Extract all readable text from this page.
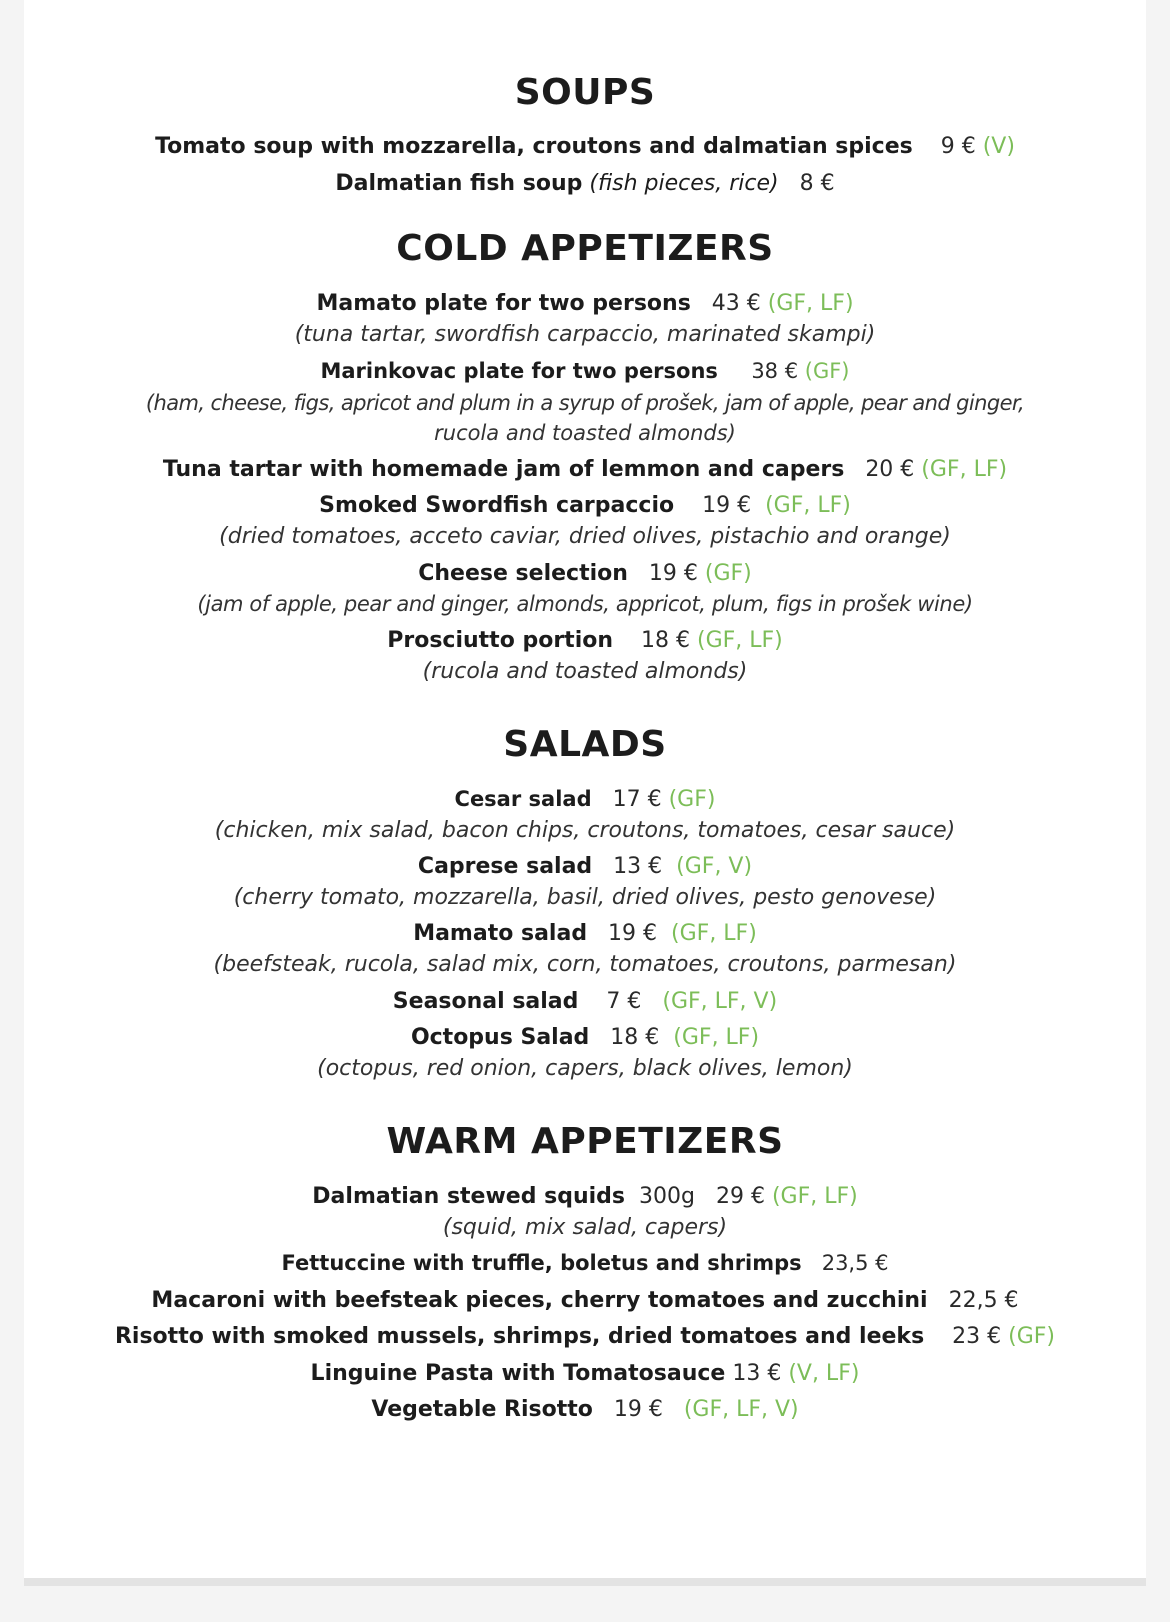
SOUPS
Tomato soup with mozzarella, croutons and dalmatian spices 9 € (V)
Dalmatian fish soup (fish pieces, rice) 8 €
COLD APPETIZERS
Mamato plate for two persons 43 € (GF, LF)
(tuna tartar, swordfish carpaccio, marinated skampi)
Marinkovac plate for two persons 38 € (GF)
(ham, cheese, figs, apricot and plum in a syrup of prošek, jam of apple, pear and ginger,
rucola and toasted almonds)
Tuna tartar with homemade jam of lemmon and capers 20 € (GF, LF)
Smoked Swordfish carpaccio 19 € (GF, LF)
(dried tomatoes, acceto caviar, dried olives, pistachio and orange)
Cheese selection 19 € (GF)
(jam of apple, pear and ginger, almonds, appricot, plum, figs in prošek wine)
Prosciutto portion 18 € (GF, LF)
(rucola and toasted almonds)
SALADS
Cesar salad 17 € (GF)
(chicken, mix salad, bacon chips, croutons, tomatoes, cesar sauce)
Caprese salad 13 € (GF, V)
(cherry tomato, mozzarella, basil, dried olives, pesto genovese)
Mamato salad 19 € (GF, LF)
(beefsteak, rucola, salad mix, corn, tomatoes, croutons, parmesan)
Seasonal salad 7 € (GF, LF, V)
Octopus Salad 18 € (GF, LF)
(octopus, red onion, capers, black olives, lemon)
WARM APPETIZERS
Dalmatian stewed squids 300g   29 € (GF, LF)
(squid, mix salad, capers)
Fettuccine with truffle, boletus and shrimps 23,5 €
Macaroni with beefsteak pieces, cherry tomatoes and zucchini 22,5 €
Risotto with smoked mussels, shrimps, dried tomatoes and leeks 23 € (GF)
Linguine Pasta with Tomatosauce 13 € (V, LF)
Vegetable Risotto 19 € (GF, LF, V)
